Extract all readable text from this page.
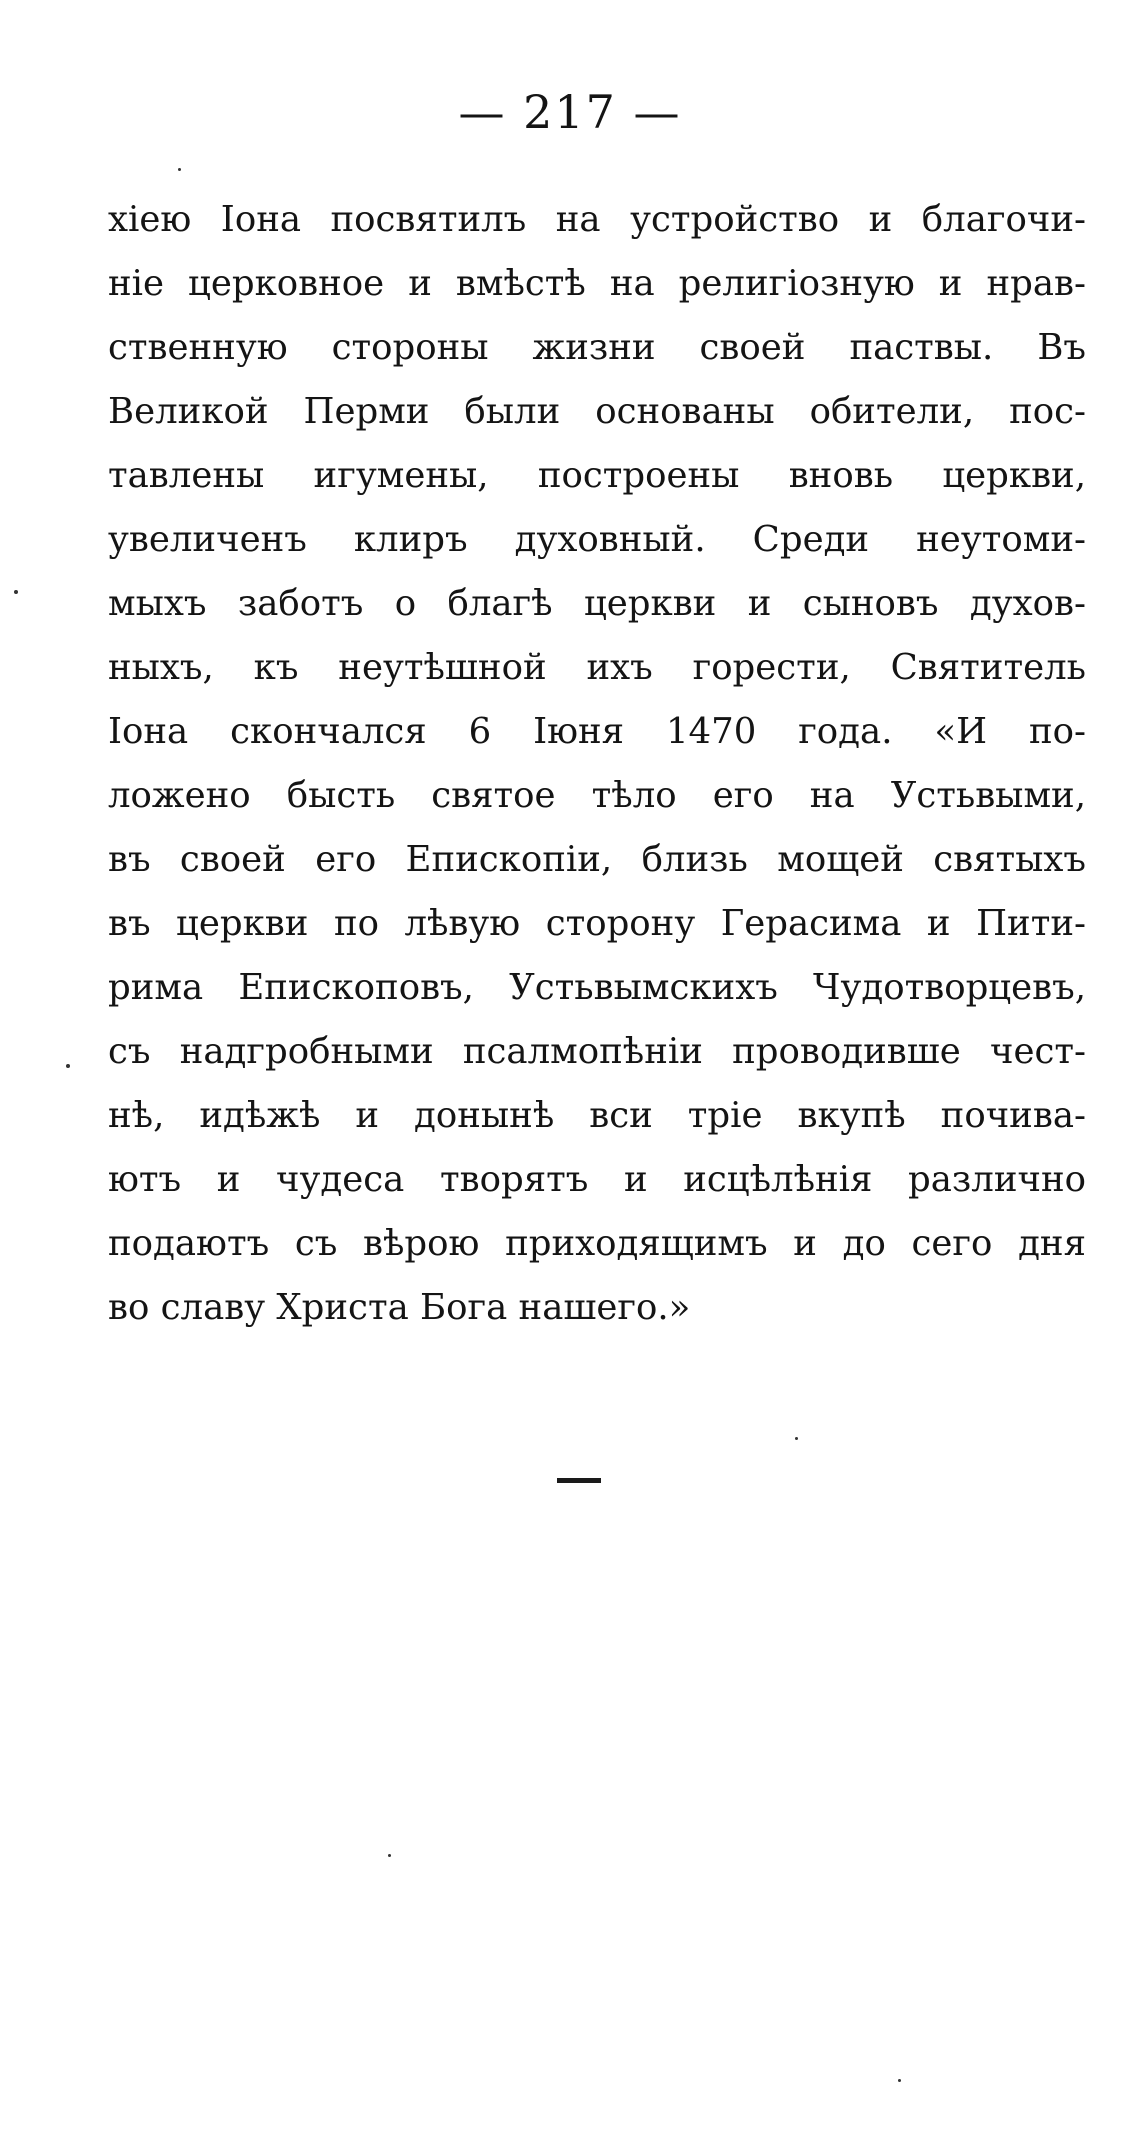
— 217 —
хіею Іона посвятилъ на устройство и благочи-
ніе церковное и вмѣстѣ на религіозную и нрав-
ственную стороны жизни своей паствы. Въ
Великой Перми были основаны обители, пос-
тавлены игумены, построены вновь церкви,
увеличенъ клиръ духовный. Среди неутоми-
мыхъ заботъ о благѣ церкви и сыновъ духов-
ныхъ, къ неутѣшной ихъ горести, Святитель
Іона скончался 6 Іюня 1470 года. «И по-
ложено бысть святое тѣло его на Устьвыми,
въ своей его Епископіи, близь мощей святыхъ
въ церкви по лѣвую сторону Герасима и Пити-
рима Епископовъ, Устьвымскихъ Чудотворцевъ,
съ надгробными псалмопѣніи проводивше чест-
нѣ, идѣжѣ и донынѣ вси тріе вкупѣ почива-
ютъ и чудеса творятъ и исцѣлѣнія различно
подаютъ съ вѣрою приходящимъ и до сего дня
во славу Христа Бога нашего.»
